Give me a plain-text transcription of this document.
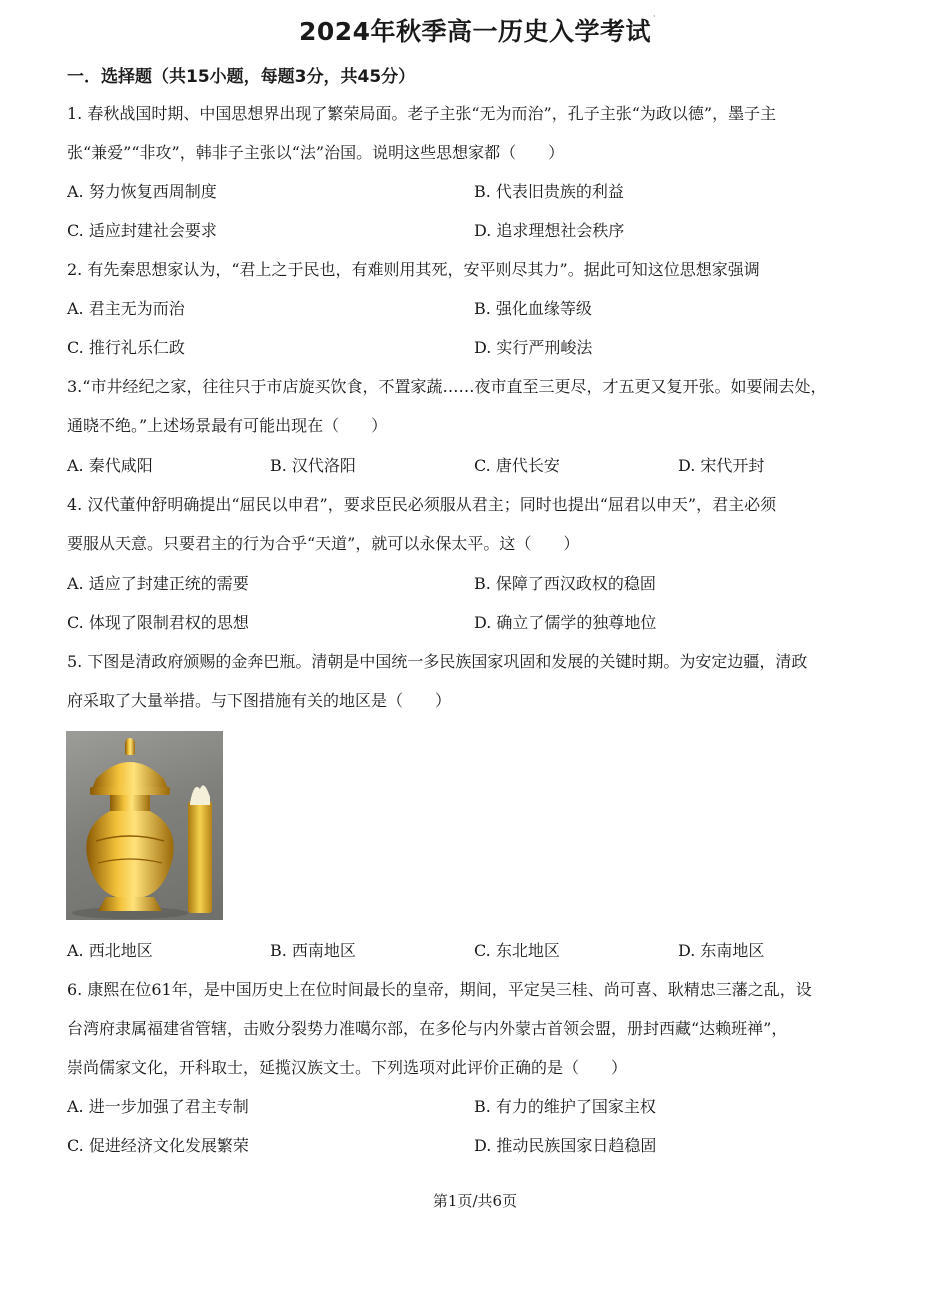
2024年秋季高一历史入学考试
·
一．选择题（共15小题，每题3分，共45分）
1. 春秋战国时期、中国思想界出现了繁荣局面。老子主张“无为而治”，孔子主张“为政以德”，墨子主
张“兼爱”“非攻”，韩非子主张以“法”治国。说明这些思想家都（　　）
A. 努力恢复西周制度	B. 代表旧贵族的利益
C. 适应封建社会要求	D. 追求理想社会秩序
2. 有先秦思想家认为，“君上之于民也，有难则用其死，安平则尽其力”。据此可知这位思想家强调
A. 君主无为而治	B. 强化血缘等级
C. 推行礼乐仁政	D. 实行严刑峻法
3.“市井经纪之家，往往只于市店旋买饮食，不置家蔬……夜市直至三更尽，才五更又复开张。如要闹去处，
通晓不绝。”上述场景最有可能出现在（　　）
A. 秦代咸阳	B. 汉代洛阳	C. 唐代长安	D. 宋代开封
4. 汉代董仲舒明确提出“屈民以申君”，要求臣民必须服从君主；同时也提出“屈君以申天”，君主必须
要服从天意。只要君主的行为合乎“天道”，就可以永保太平。这（　　）
A. 适应了封建正统的需要	B. 保障了西汉政权的稳固
C. 体现了限制君权的思想	D. 确立了儒学的独尊地位
5. 下图是清政府颁赐的金奔巴瓶。清朝是中国统一多民族国家巩固和发展的关键时期。为安定边疆，清政
府采取了大量举措。与下图措施有关的地区是（　　）
A. 西北地区	B. 西南地区	C. 东北地区	D. 东南地区
6. 康熙在位61年，是中国历史上在位时间最长的皇帝，期间，平定吴三桂、尚可喜、耿精忠三藩之乱，设
台湾府隶属福建省管辖，击败分裂势力准噶尔部，在多伦与内外蒙古首领会盟，册封西藏“达赖班禅”，
崇尚儒家文化，开科取士，延揽汉族文士。下列选项对此评价正确的是（　　）
A. 进一步加强了君主专制	B. 有力的维护了国家主权
C. 促进经济文化发展繁荣	D. 推动民族国家日趋稳固
第1页/共6页
